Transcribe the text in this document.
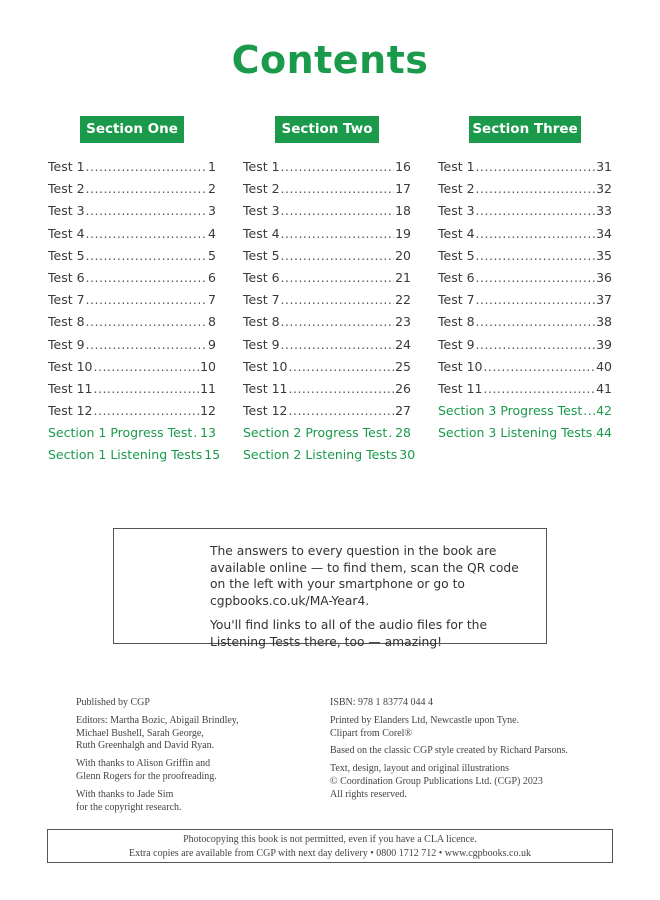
Contents
Section One
Test 1 .....	1
Test 2 .....	2
Test 3 .....	3
Test 4 .....	4
Test 5 .....	5
Test 6 .....	6
Test 7 .....	7
Test 8 .....	8
Test 9 .....	9
Test 10 .....	10
Test 11 .....	11
Test 12 .....	12
Section 1 Progress Test ..... 13
Section 1 Listening Tests 15
Section Two
Test 1 .....	16
Test 2 .....	17
Test 3 .....	18
Test 4 .....	19
Test 5 .....	20
Test 6 .....	21
Test 7 .....	22
Test 8 .....	23
Test 9 .....	24
Test 10 .....	25
Test 11 .....	26
Test 12 .....	27
Section 2 Progress Test ..... 28
Section 2 Listening Tests 30
Section Three
Test 1 .....	31
Test 2 .....	32
Test 3 .....	33
Test 4 .....	34
Test 5 .....	35
Test 6 .....	36
Test 7 .....	37
Test 8 .....	38
Test 9 .....	39
Test 10 .....	40
Test 11 .....	41
Section 3 Progress Test ..... 42
Section 3 Listening Tests ..... 44

The answers to every question in the book are available online — to find them, scan the QR code on the left with your smartphone or go to cgpbooks.co.uk/MA-Year4.

You'll find links to all of the audio files for the Listening Tests there, too — amazing!

Published by CGP

Editors: Martha Bozic, Abigail Brindley,
Michael Bushell, Sarah George,
Ruth Greenhalgh and David Ryan.

With thanks to Alison Griffin and
Glenn Rogers for the proofreading.

With thanks to Jade Sim
for the copyright research.

ISBN: 978 1 83774 044 4

Printed by Elanders Ltd, Newcastle upon Tyne.
Clipart from Corel®

Based on the classic CGP style created by Richard Parsons.

Text, design, layout and original illustrations
© Coordination Group Publications Ltd. (CGP) 2023
All rights reserved.

Photocopying this book is not permitted, even if you have a CLA licence.
Extra copies are available from CGP with next day delivery • 0800 1712 712 • www.cgpbooks.co.uk
